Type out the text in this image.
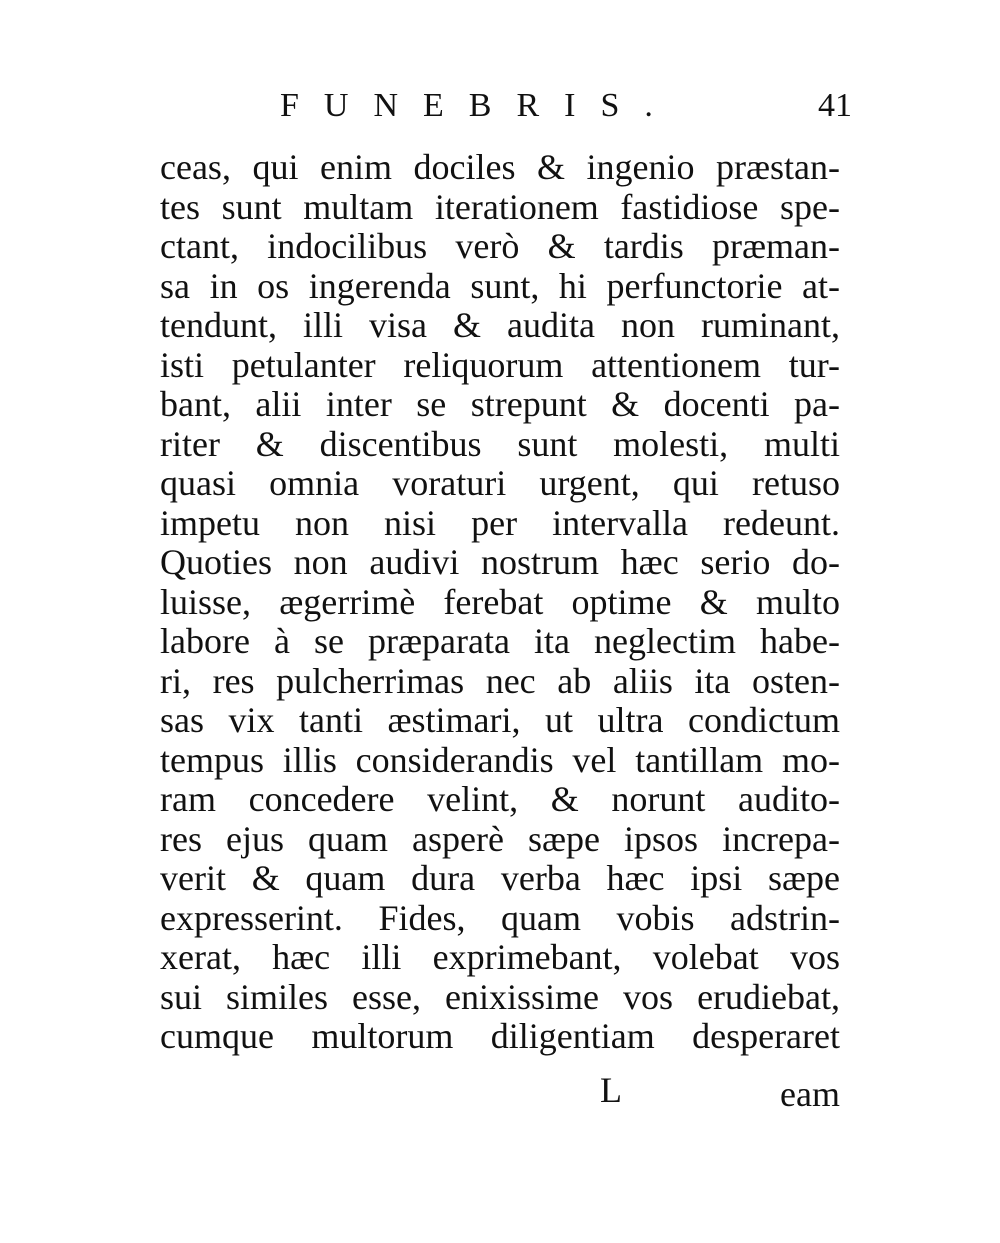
FUNEBRIS.	41
ceas, qui enim dociles & ingenio præstan-
tes sunt multam iterationem fastidiose spe-
ctant, indocilibus verò & tardis præman-
sa in os ingerenda sunt, hi perfunctorie at-
tendunt, illi visa & audita non ruminant,
isti petulanter reliquorum attentionem tur-
bant, alii inter se strepunt & docenti pa-
riter & discentibus sunt molesti, multi
quasi omnia voraturi urgent, qui retuso
impetu non nisi per intervalla redeunt.
Quoties non audivi nostrum hæc serio do-
luisse, ægerrimè ferebat optime & multo
labore à se præparata ita neglectim habe-
ri, res pulcherrimas nec ab aliis ita osten-
sas vix tanti æstimari, ut ultra condictum
tempus illis considerandis vel tantillam mo-
ram concedere velint, & norunt audito-
res ejus quam asperè sæpe ipsos increpa-
verit & quam dura verba hæc ipsi sæpe
expresserint. Fides, quam vobis adstrin-
xerat, hæc illi exprimebant, volebat vos
sui similes esse, enixissime vos erudiebat,
cumque multorum diligentiam desperaret
L	eam
